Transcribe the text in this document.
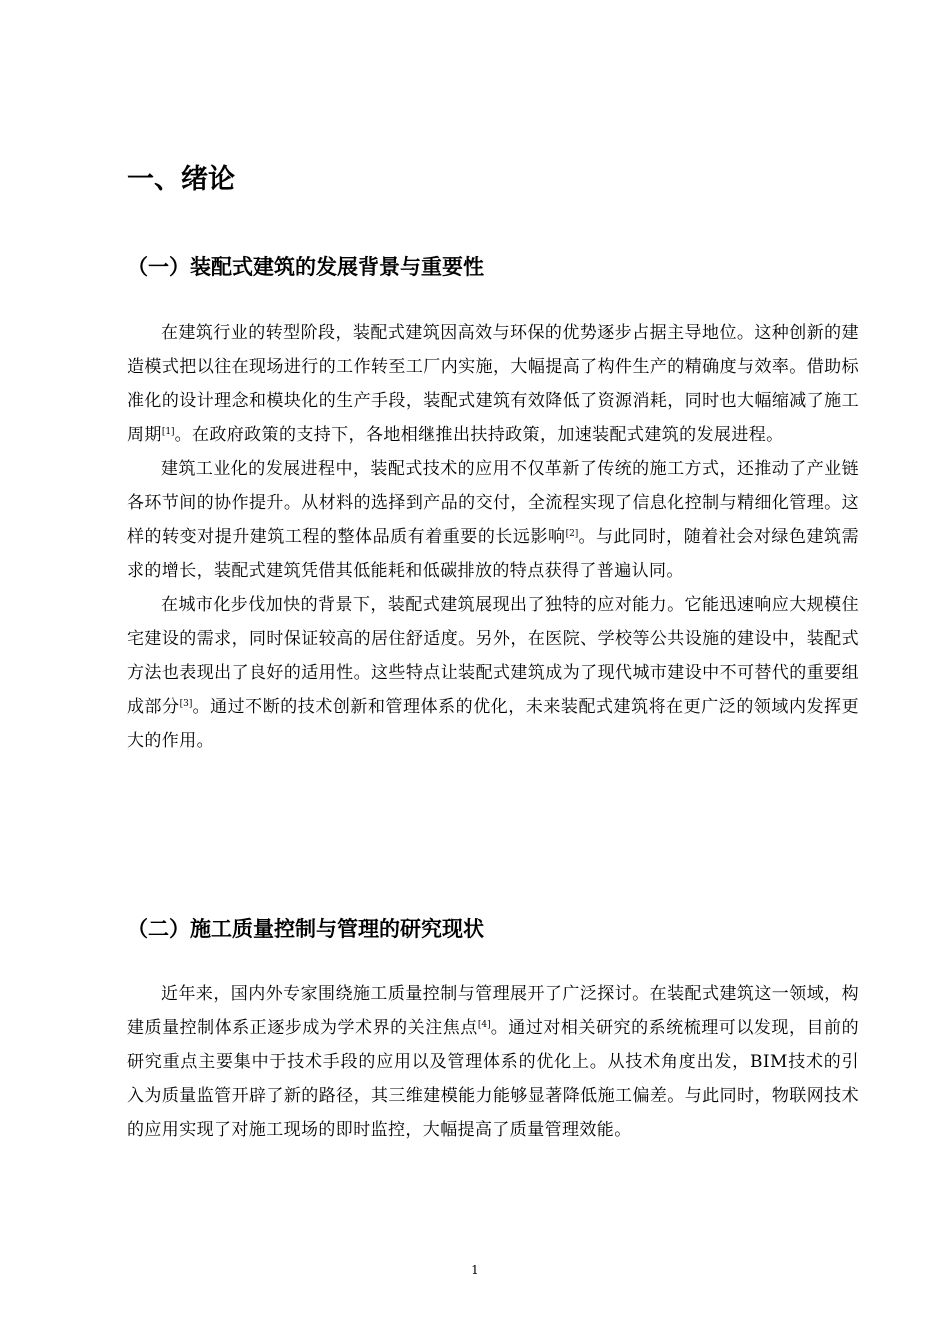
一、绪论
（一）装配式建筑的发展背景与重要性

在建筑行业的转型阶段，装配式建筑因高效与环保的优势逐步占据主导地位。这种创新的建造模式把以往在现场进行的工作转至工厂内实施，大幅提高了构件生产的精确度与效率。借助标准化的设计理念和模块化的生产手段，装配式建筑有效降低了资源消耗，同时也大幅缩减了施工周期[1]。在政府政策的支持下，各地相继推出扶持政策，加速装配式建筑的发展进程。

建筑工业化的发展进程中，装配式技术的应用不仅革新了传统的施工方式，还推动了产业链各环节间的协作提升。从材料的选择到产品的交付，全流程实现了信息化控制与精细化管理。这样的转变对提升建筑工程的整体品质有着重要的长远影响[2]。与此同时，随着社会对绿色建筑需求的增长，装配式建筑凭借其低能耗和低碳排放的特点获得了普遍认同。

在城市化步伐加快的背景下，装配式建筑展现出了独特的应对能力。它能迅速响应大规模住宅建设的需求，同时保证较高的居住舒适度。另外，在医院、学校等公共设施的建设中，装配式方法也表现出了良好的适用性。这些特点让装配式建筑成为了现代城市建设中不可替代的重要组成部分[3]。通过不断的技术创新和管理体系的优化，未来装配式建筑将在更广泛的领域内发挥更大的作用。

（二）施工质量控制与管理的研究现状

近年来，国内外专家围绕施工质量控制与管理展开了广泛探讨。在装配式建筑这一领域，构建质量控制体系正逐步成为学术界的关注焦点[4]。通过对相关研究的系统梳理可以发现，目前的研究重点主要集中于技术手段的应用以及管理体系的优化上。从技术角度出发，BIM技术的引入为质量监管开辟了新的路径，其三维建模能力能够显著降低施工偏差。与此同时，物联网技术的应用实现了对施工现场的即时监控，大幅提高了质量管理效能。

1
